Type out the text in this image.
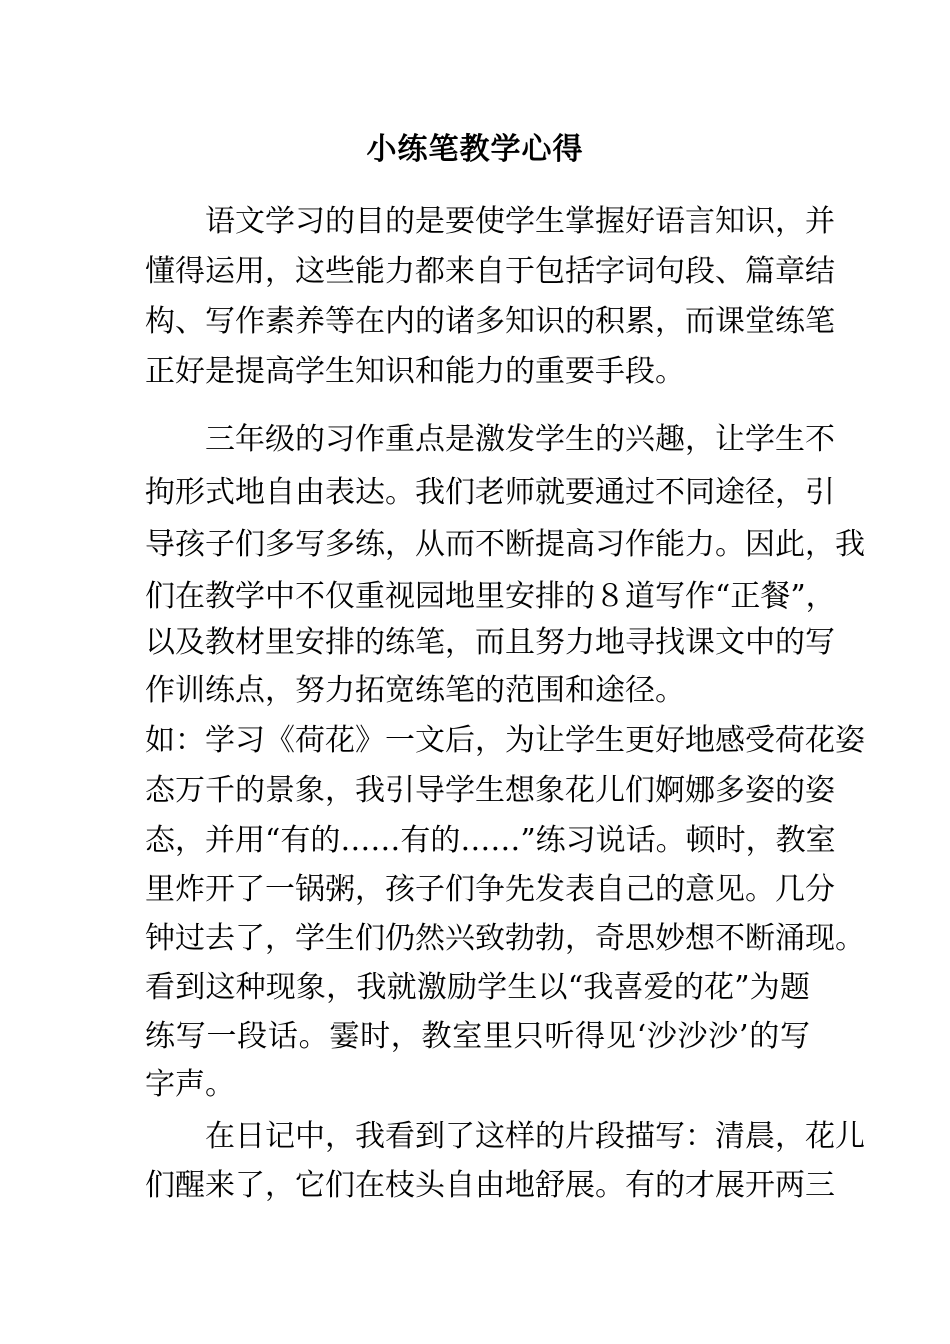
小练笔教学心得
语文学习的目的是要使学生掌握好语言知识，并
懂得运用，这些能力都来自于包括字词句段、篇章结
构、写作素养等在内的诸多知识的积累，而课堂练笔
正好是提高学生知识和能力的重要手段。
三年级的习作重点是激发学生的兴趣，让学生不
拘形式地自由表达。我们老师就要通过不同途径，引
导孩子们多写多练，从而不断提高习作能力。因此，我
们在教学中不仅重视园地里安排的８道写作“正餐”，
以及教材里安排的练笔，而且努力地寻找课文中的写
作训练点，努力拓宽练笔的范围和途径。
如：学习《荷花》一文后，为让学生更好地感受荷花姿
态万千的景象，我引导学生想象花儿们婀娜多姿的姿
态，并用“有的……有的……”练习说话。顿时，教室
里炸开了一锅粥，孩子们争先发表自己的意见。几分
钟过去了，学生们仍然兴致勃勃，奇思妙想不断涌现。
看到这种现象，我就激励学生以“我喜爱的花”为题
练写一段话。霎时，教室里只听得见‘沙沙沙’的写
字声。
在日记中，我看到了这样的片段描写：清晨，花儿
们醒来了，它们在枝头自由地舒展。有的才展开两三
